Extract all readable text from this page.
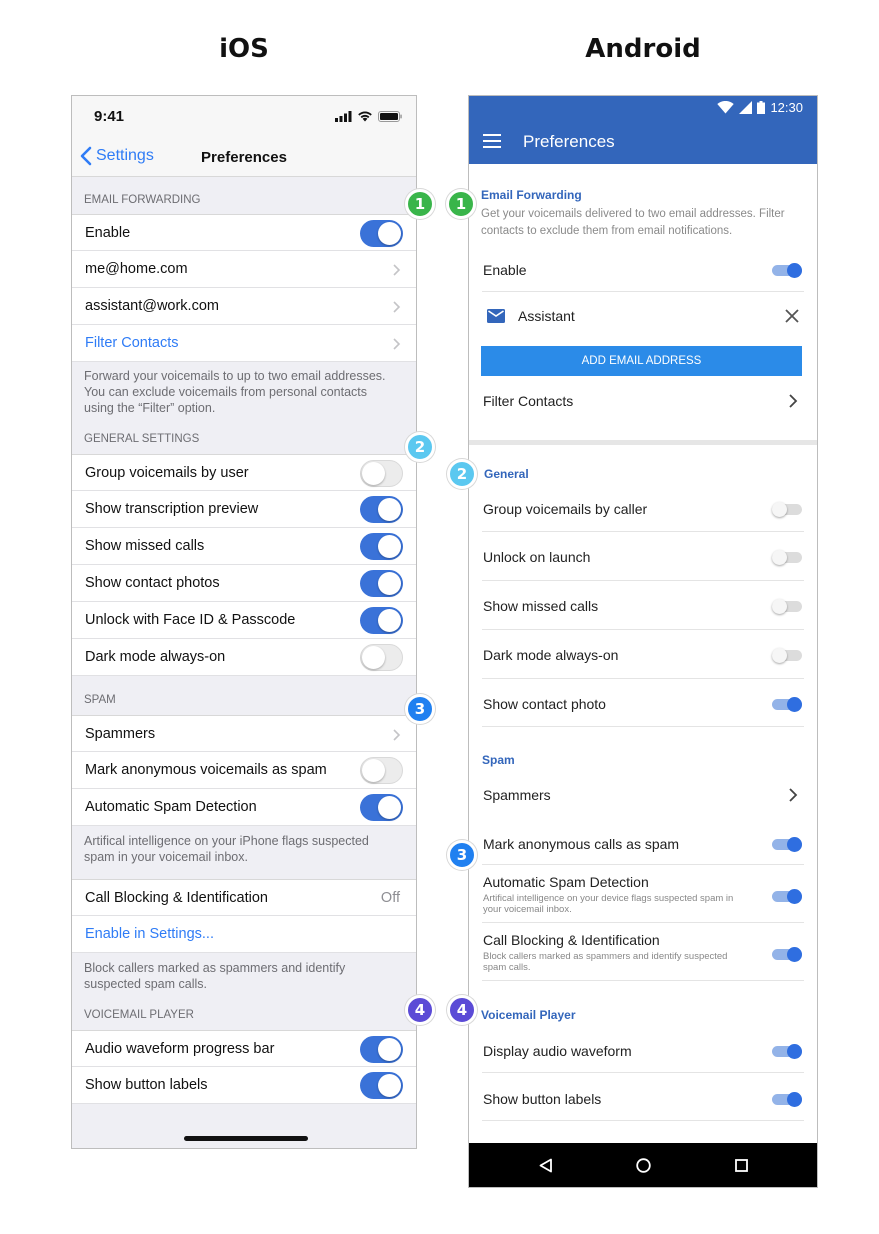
iOS	Android
9:41
Settings	Preferences
EMAIL FORWARDING
Enable
me@home.com
assistant@work.com
Filter Contacts
Forward your voicemails to up to two email addresses. You can exclude voicemails from personal contacts using the “Filter” option.
GENERAL SETTINGS
Group voicemails by user
Show transcription preview
Show missed calls
Show contact photos
Unlock with Face ID & Passcode
Dark mode always-on
SPAM
Spammers
Mark anonymous voicemails as spam
Automatic Spam Detection
Artifical intelligence on your iPhone flags suspected spam in your voicemail inbox.
Call Blocking & Identification	Off
Enable in Settings...
Block callers marked as spammers and identify suspected spam calls.
VOICEMAIL PLAYER
Audio waveform progress bar
Show button labels
12:30
Preferences
Email Forwarding
Get your voicemails delivered to two email addresses. Filter contacts to exclude them from email notifications.
Enable
Assistant
ADD EMAIL ADDRESS
Filter Contacts
General
Group voicemails by caller
Unlock on launch
Show missed calls
Dark mode always-on
Show contact photo
Spam
Spammers
Mark anonymous calls as spam
Automatic Spam Detection
Artifical intelligence on your device flags suspected spam in your voicemail inbox.
Call Blocking & Identification
Block callers marked as spammers and identify suspected spam calls.
Voicemail Player
Display audio waveform
Show button labels
1	1
2
2
3
3
4	4
